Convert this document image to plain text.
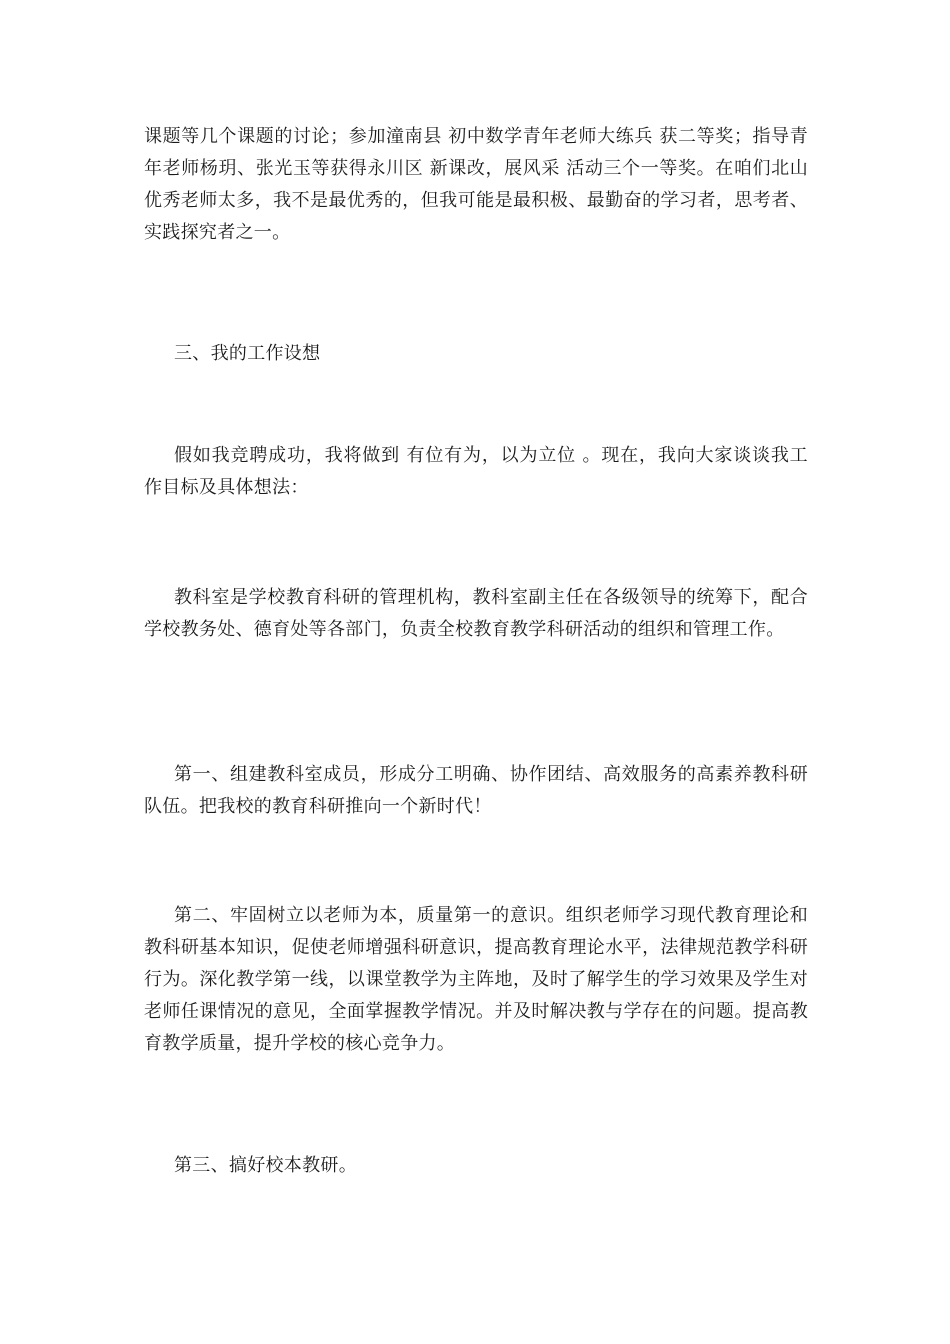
课题等几个课题的讨论；参加潼南县 初中数学青年老师大练兵 获二等奖；指导青年老师杨玥、张光玉等获得永川区 新课改，展风采 活动三个一等奖。在咱们北山优秀老师太多，我不是最优秀的，但我可能是最积极、最勤奋的学习者，思考者、实践探究者之一。

三、我的工作设想

假如我竞聘成功，我将做到 有位有为，以为立位 。现在，我向大家谈谈我工作目标及具体想法：

教科室是学校教育科研的管理机构，教科室副主任在各级领导的统筹下，配合学校教务处、德育处等各部门，负责全校教育教学科研活动的组织和管理工作。

第一、组建教科室成员，形成分工明确、协作团结、高效服务的高素养教科研队伍。把我校的教育科研推向一个新时代！

第二、牢固树立以老师为本，质量第一的意识。组织老师学习现代教育理论和教科研基本知识，促使老师增强科研意识，提高教育理论水平，法律规范教学科研行为。深化教学第一线，以课堂教学为主阵地，及时了解学生的学习效果及学生对老师任课情况的意见，全面掌握教学情况。并及时解决教与学存在的问题。提高教育教学质量，提升学校的核心竞争力。

第三、搞好校本教研。
